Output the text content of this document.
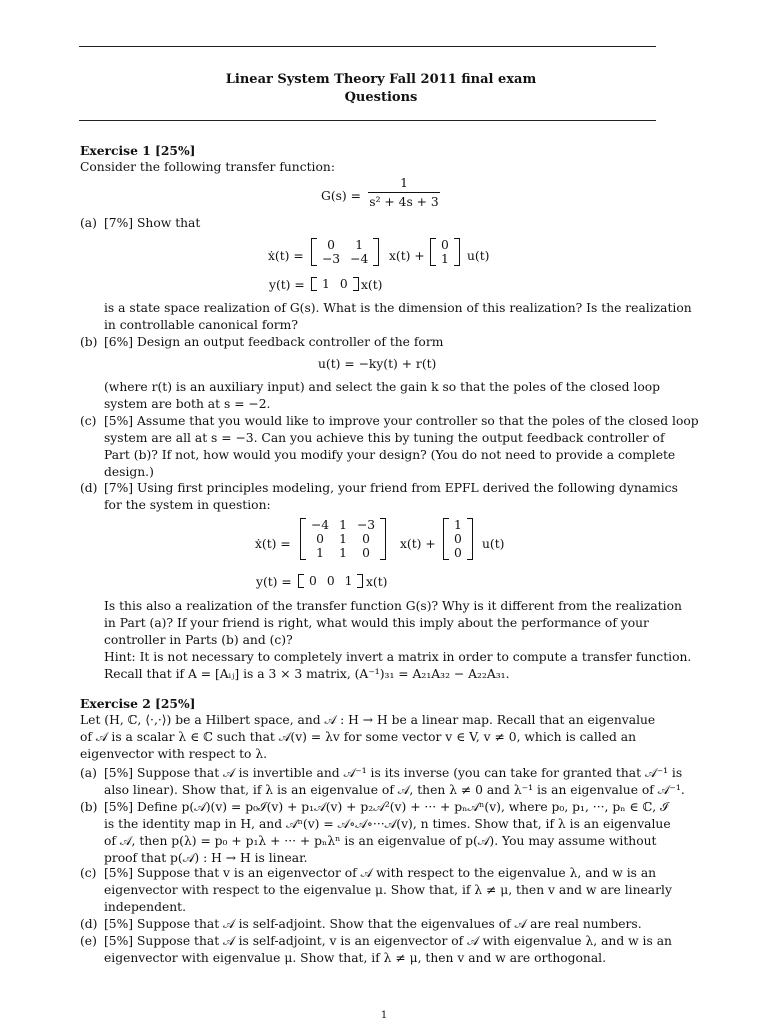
Linear System Theory Fall 2011 final exam
Questions
Exercise 1 [25%]
Consider the following transfer function:
G(s) =
1
s² + 4s + 3
(a) [7%] Show that
ẋ(t) =
0	1
−3	−4 x(t) +
0
1 u(t)
y(t) = 1	0 x(t)
is a state space realization of G(s). What is the dimension of this realization? Is the realization
in controllable canonical form?
(b) [6%] Design an output feedback controller of the form
u(t) = −ky(t) + r(t)
(where r(t) is an auxiliary input) and select the gain k so that the poles of the closed loop
system are both at s = −2.
(c) [5%] Assume that you would like to improve your controller so that the poles of the closed loop
system are all at s = −3. Can you achieve this by tuning the output feedback controller of
Part (b)? If not, how would you modify your design? (You do not need to provide a complete
design.)
(d) [7%] Using first principles modeling, your friend from EPFL derived the following dynamics
for the system in question:
ẋ(t) =
−4	1	−3
0	1	0
1	1	0
x(t) +
1
0
0
u(t)
y(t) = 0	0	1 x(t)
Is this also a realization of the transfer function G(s)? Why is it different from the realization
in Part (a)? If your friend is right, what would this imply about the performance of your
controller in Parts (b) and (c)?
Hint: It is not necessary to completely invert a matrix in order to compute a transfer function.
Recall that if A = [Aᵢⱼ] is a 3 × 3 matrix, (A⁻¹)₃₁ = A₂₁A₃₂ − A₂₂A₃₁.
Exercise 2 [25%]
Let (H, ℂ, ⟨·,·⟩) be a Hilbert space, and 𝒜 : H → H be a linear map. Recall that an eigenvalue
of 𝒜 is a scalar λ ∈ ℂ such that 𝒜(v) = λv for some vector v ∈ V, v ≠ 0, which is called an
eigenvector with respect to λ.
(a) [5%] Suppose that 𝒜 is invertible and 𝒜⁻¹ is its inverse (you can take for granted that 𝒜⁻¹ is
also linear). Show that, if λ is an eigenvalue of 𝒜, then λ ≠ 0 and λ⁻¹ is an eigenvalue of 𝒜⁻¹.
(b) [5%] Define p(𝒜)(v) = p₀ℐ(v) + p₁𝒜(v) + p₂𝒜²(v) + ··· + pₙ𝒜ⁿ(v), where p₀, p₁, ···, pₙ ∈ ℂ, ℐ
is the identity map in H, and 𝒜ⁿ(v) = 𝒜∘𝒜∘···𝒜(v), n times. Show that, if λ is an eigenvalue
of 𝒜, then p(λ) = p₀ + p₁λ + ··· + pₙλⁿ is an eigenvalue of p(𝒜). You may assume without
proof that p(𝒜) : H → H is linear.
(c) [5%] Suppose that v is an eigenvector of 𝒜 with respect to the eigenvalue λ, and w is an
eigenvector with respect to the eigenvalue μ. Show that, if λ ≠ μ, then v and w are linearly
independent.
(d) [5%] Suppose that 𝒜 is self-adjoint. Show that the eigenvalues of 𝒜 are real numbers.
(e) [5%] Suppose that 𝒜 is self-adjoint, v is an eigenvector of 𝒜 with eigenvalue λ, and w is an
eigenvector with eigenvalue μ. Show that, if λ ≠ μ, then v and w are orthogonal.
1
